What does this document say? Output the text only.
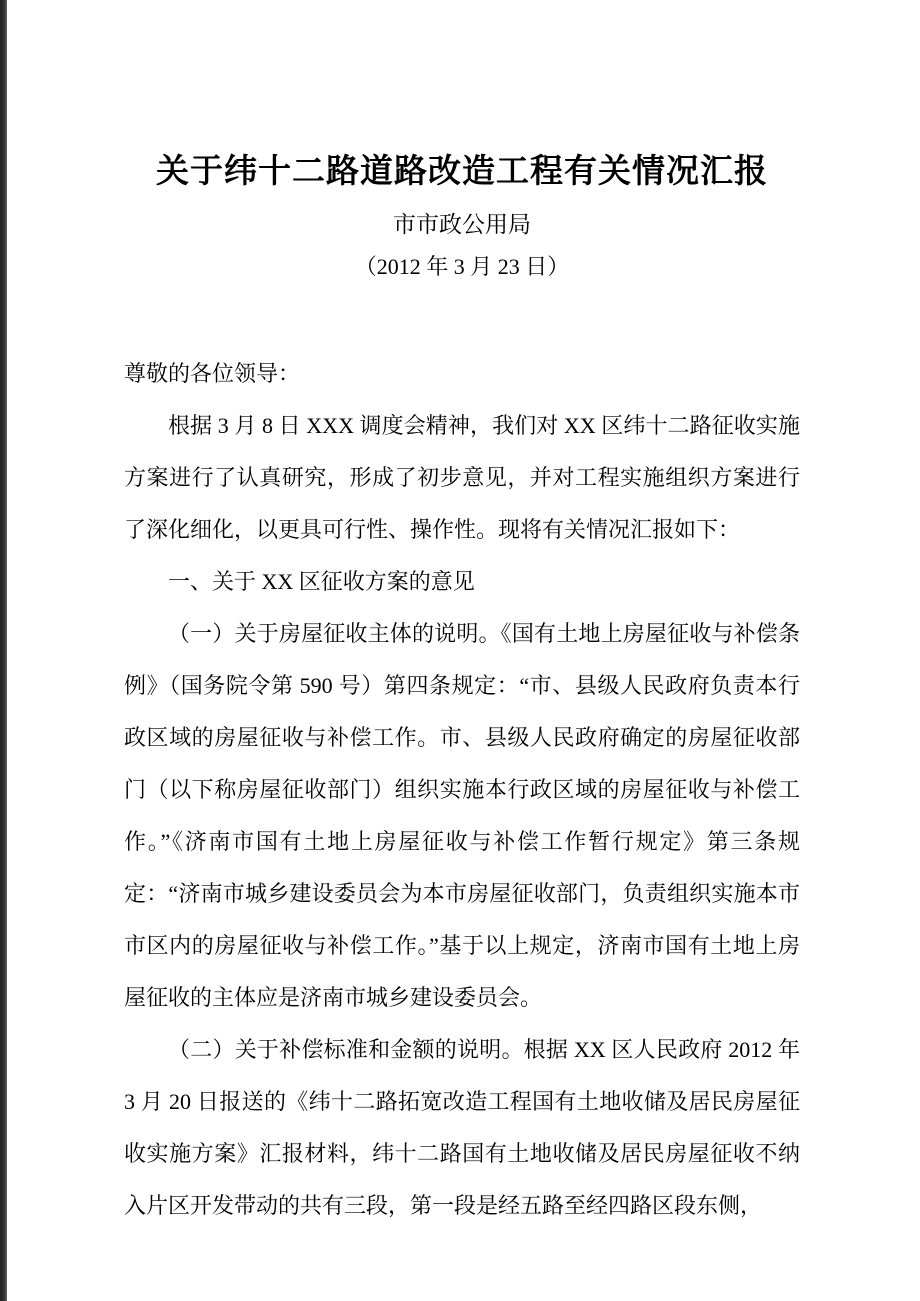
关于纬十二路道路改造工程有关情况汇报
市市政公用局
（2012 年 3 月 23 日）

尊敬的各位领导：

根据 3 月 8 日 XXX 调度会精神，我们对 XX 区纬十二路征收实施方案进行了认真研究，形成了初步意见，并对工程实施组织方案进行了深化细化，以更具可行性、操作性。现将有关情况汇报如下：

一、关于 XX 区征收方案的意见

（一）关于房屋征收主体的说明。《国有土地上房屋征收与补偿条例》（国务院令第 590 号）第四条规定：“市、县级人民政府负责本行政区域的房屋征收与补偿工作。市、县级人民政府确定的房屋征收部门（以下称房屋征收部门）组织实施本行政区域的房屋征收与补偿工作。”《济南市国有土地上房屋征收与补偿工作暂行规定》第三条规定：“济南市城乡建设委员会为本市房屋征收部门，负责组织实施本市市区内的房屋征收与补偿工作。”基于以上规定，济南市国有土地上房屋征收的主体应是济南市城乡建设委员会。

（二）关于补偿标准和金额的说明。根据 XX 区人民政府 2012 年 3 月 20 日报送的《纬十二路拓宽改造工程国有土地收储及居民房屋征收实施方案》汇报材料，纬十二路国有土地收储及居民房屋征收不纳入片区开发带动的共有三段，第一段是经五路至经四路区段东侧，
